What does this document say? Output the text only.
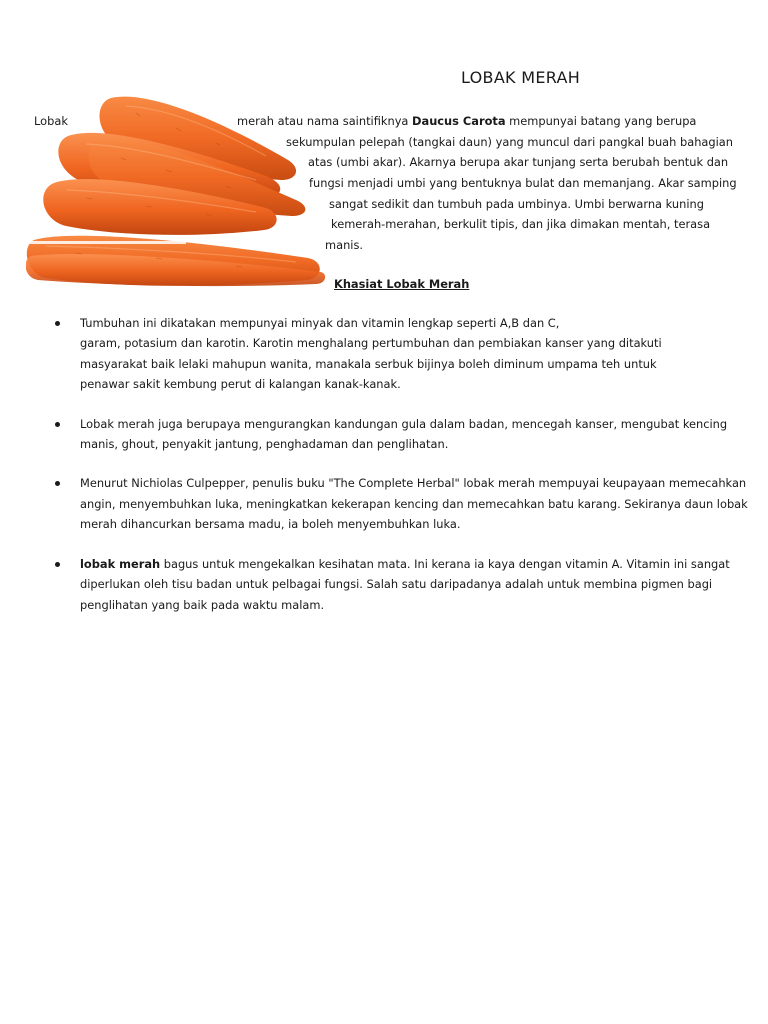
LOBAK MERAH
Lobak	merah atau nama saintifiknya Daucus Carota mempunyai batang yang berupa
sekumpulan pelepah (tangkai daun) yang muncul dari pangkal buah bahagian
atas (umbi akar). Akarnya berupa akar tunjang serta berubah bentuk dan
fungsi menjadi umbi yang bentuknya bulat dan memanjang. Akar samping
sangat sedikit dan tumbuh pada umbinya. Umbi berwarna kuning
kemerah-merahan, berkulit tipis, dan jika dimakan mentah, terasa
manis.
Khasiat Lobak Merah
Tumbuhan ini dikatakan mempunyai minyak dan vitamin lengkap seperti A,B dan C,
garam, potasium dan karotin. Karotin menghalang pertumbuhan dan pembiakan kanser yang ditakuti
masyarakat baik lelaki mahupun wanita, manakala serbuk bijinya boleh diminum umpama teh untuk
penawar sakit kembung perut di kalangan kanak-kanak.
Lobak merah juga berupaya mengurangkan kandungan gula dalam badan, mencegah kanser, mengubat kencing
manis, ghout, penyakit jantung, penghadaman dan penglihatan.
Menurut Nichiolas Culpepper, penulis buku "The Complete Herbal" lobak merah mempuyai keupayaan memecahkan
angin, menyembuhkan luka, meningkatkan kekerapan kencing dan memecahkan batu karang. Sekiranya daun lobak
merah dihancurkan bersama madu, ia boleh menyembuhkan luka.
lobak merah bagus untuk mengekalkan kesihatan mata. Ini kerana ia kaya dengan vitamin A. Vitamin ini sangat
diperlukan oleh tisu badan untuk pelbagai fungsi. Salah satu daripadanya adalah untuk membina pigmen bagi
penglihatan yang baik pada waktu malam.
